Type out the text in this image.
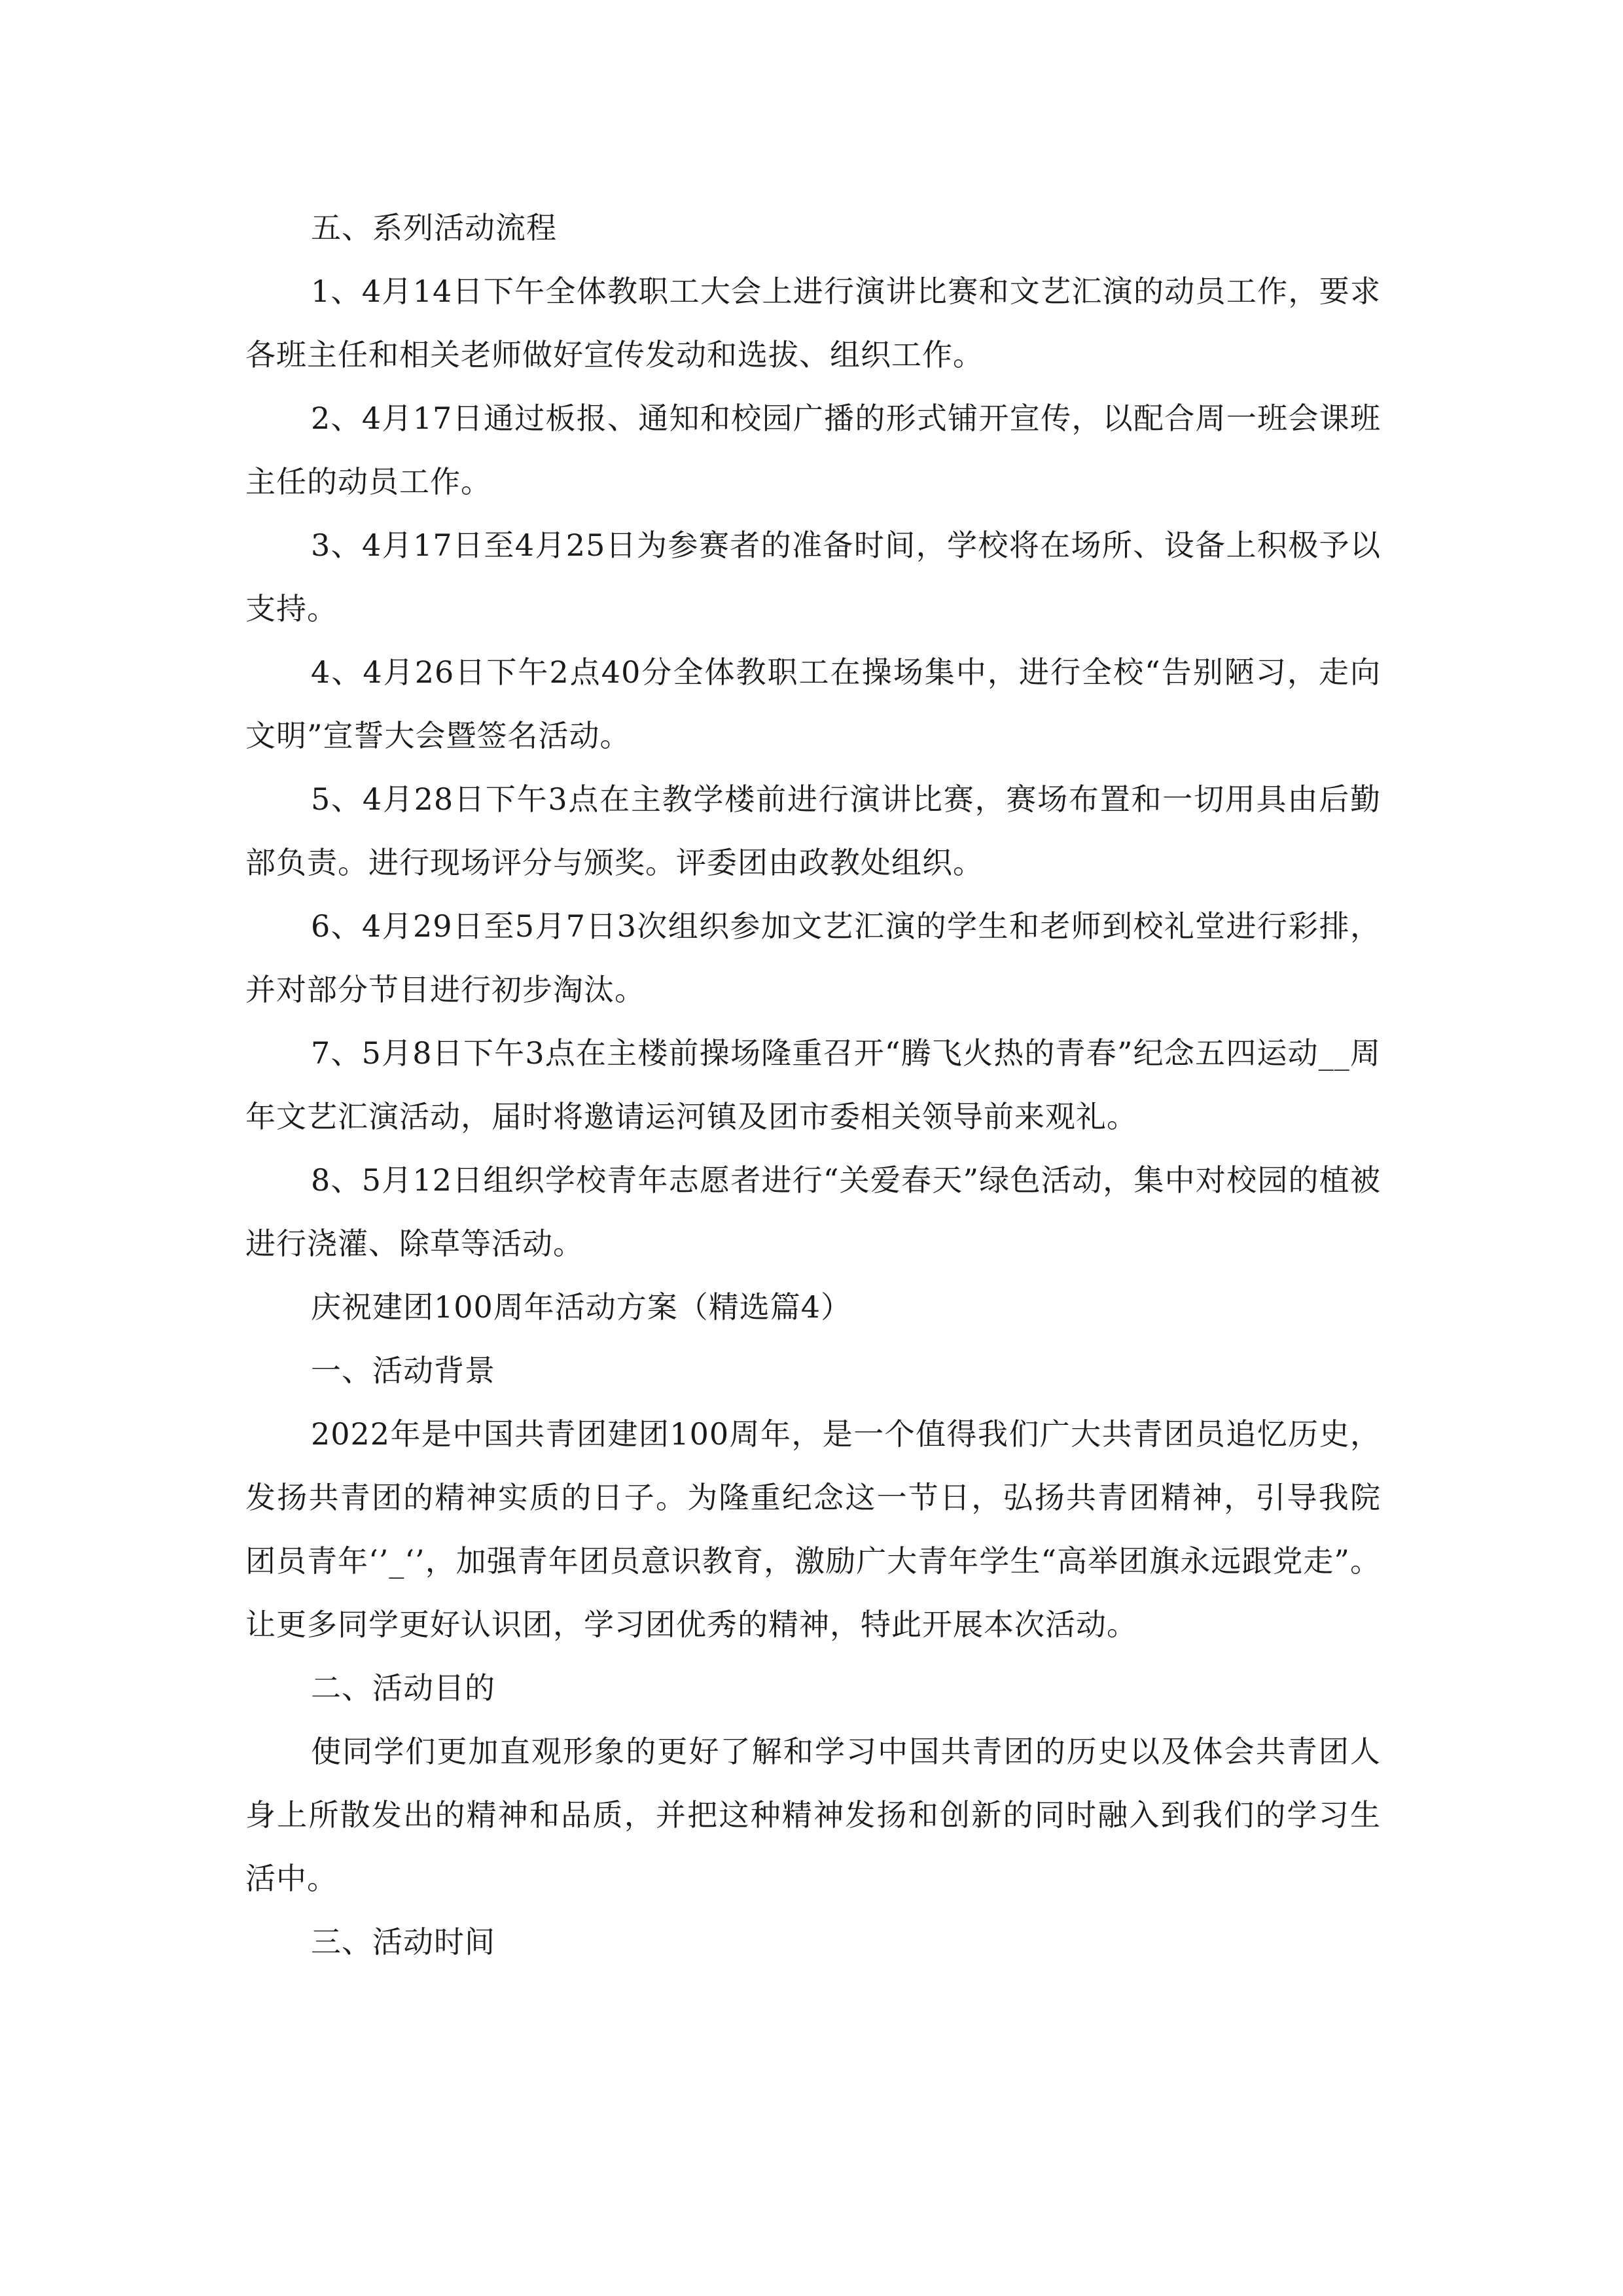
五、系列活动流程

1、4月14日下午全体教职工大会上进行演讲比赛和文艺汇演的动员工作，要求各班主任和相关老师做好宣传发动和选拔、组织工作。

2、4月17日通过板报、通知和校园广播的形式铺开宣传，以配合周一班会课班主任的动员工作。

3、4月17日至4月25日为参赛者的准备时间，学校将在场所、设备上积极予以支持。

4、4月26日下午2点40分全体教职工在操场集中，进行全校“告别陋习，走向文明”宣誓大会暨签名活动。

5、4月28日下午3点在主教学楼前进行演讲比赛，赛场布置和一切用具由后勤部负责。进行现场评分与颁奖。评委团由政教处组织。

6、4月29日至5月7日3次组织参加文艺汇演的学生和老师到校礼堂进行彩排，并对部分节目进行初步淘汰。

7、5月8日下午3点在主楼前操场隆重召开“腾飞火热的青春”纪念五四运动__周年文艺汇演活动，届时将邀请运河镇及团市委相关领导前来观礼。

8、5月12日组织学校青年志愿者进行“关爱春天”绿色活动，集中对校园的植被进行浇灌、除草等活动。

庆祝建团100周年活动方案（精选篇4）

一、活动背景

2022年是中国共青团建团100周年，是一个值得我们广大共青团员追忆历史，发扬共青团的精神实质的日子。为隆重纪念这一节日，弘扬共青团精神，引导我院团员青年‘’_‘’，加强青年团员意识教育，激励广大青年学生“高举团旗永远跟党走”。让更多同学更好认识团，学习团优秀的精神，特此开展本次活动。

二、活动目的

使同学们更加直观形象的更好了解和学习中国共青团的历史以及体会共青团人身上所散发出的精神和品质，并把这种精神发扬和创新的同时融入到我们的学习生活中。

三、活动时间
